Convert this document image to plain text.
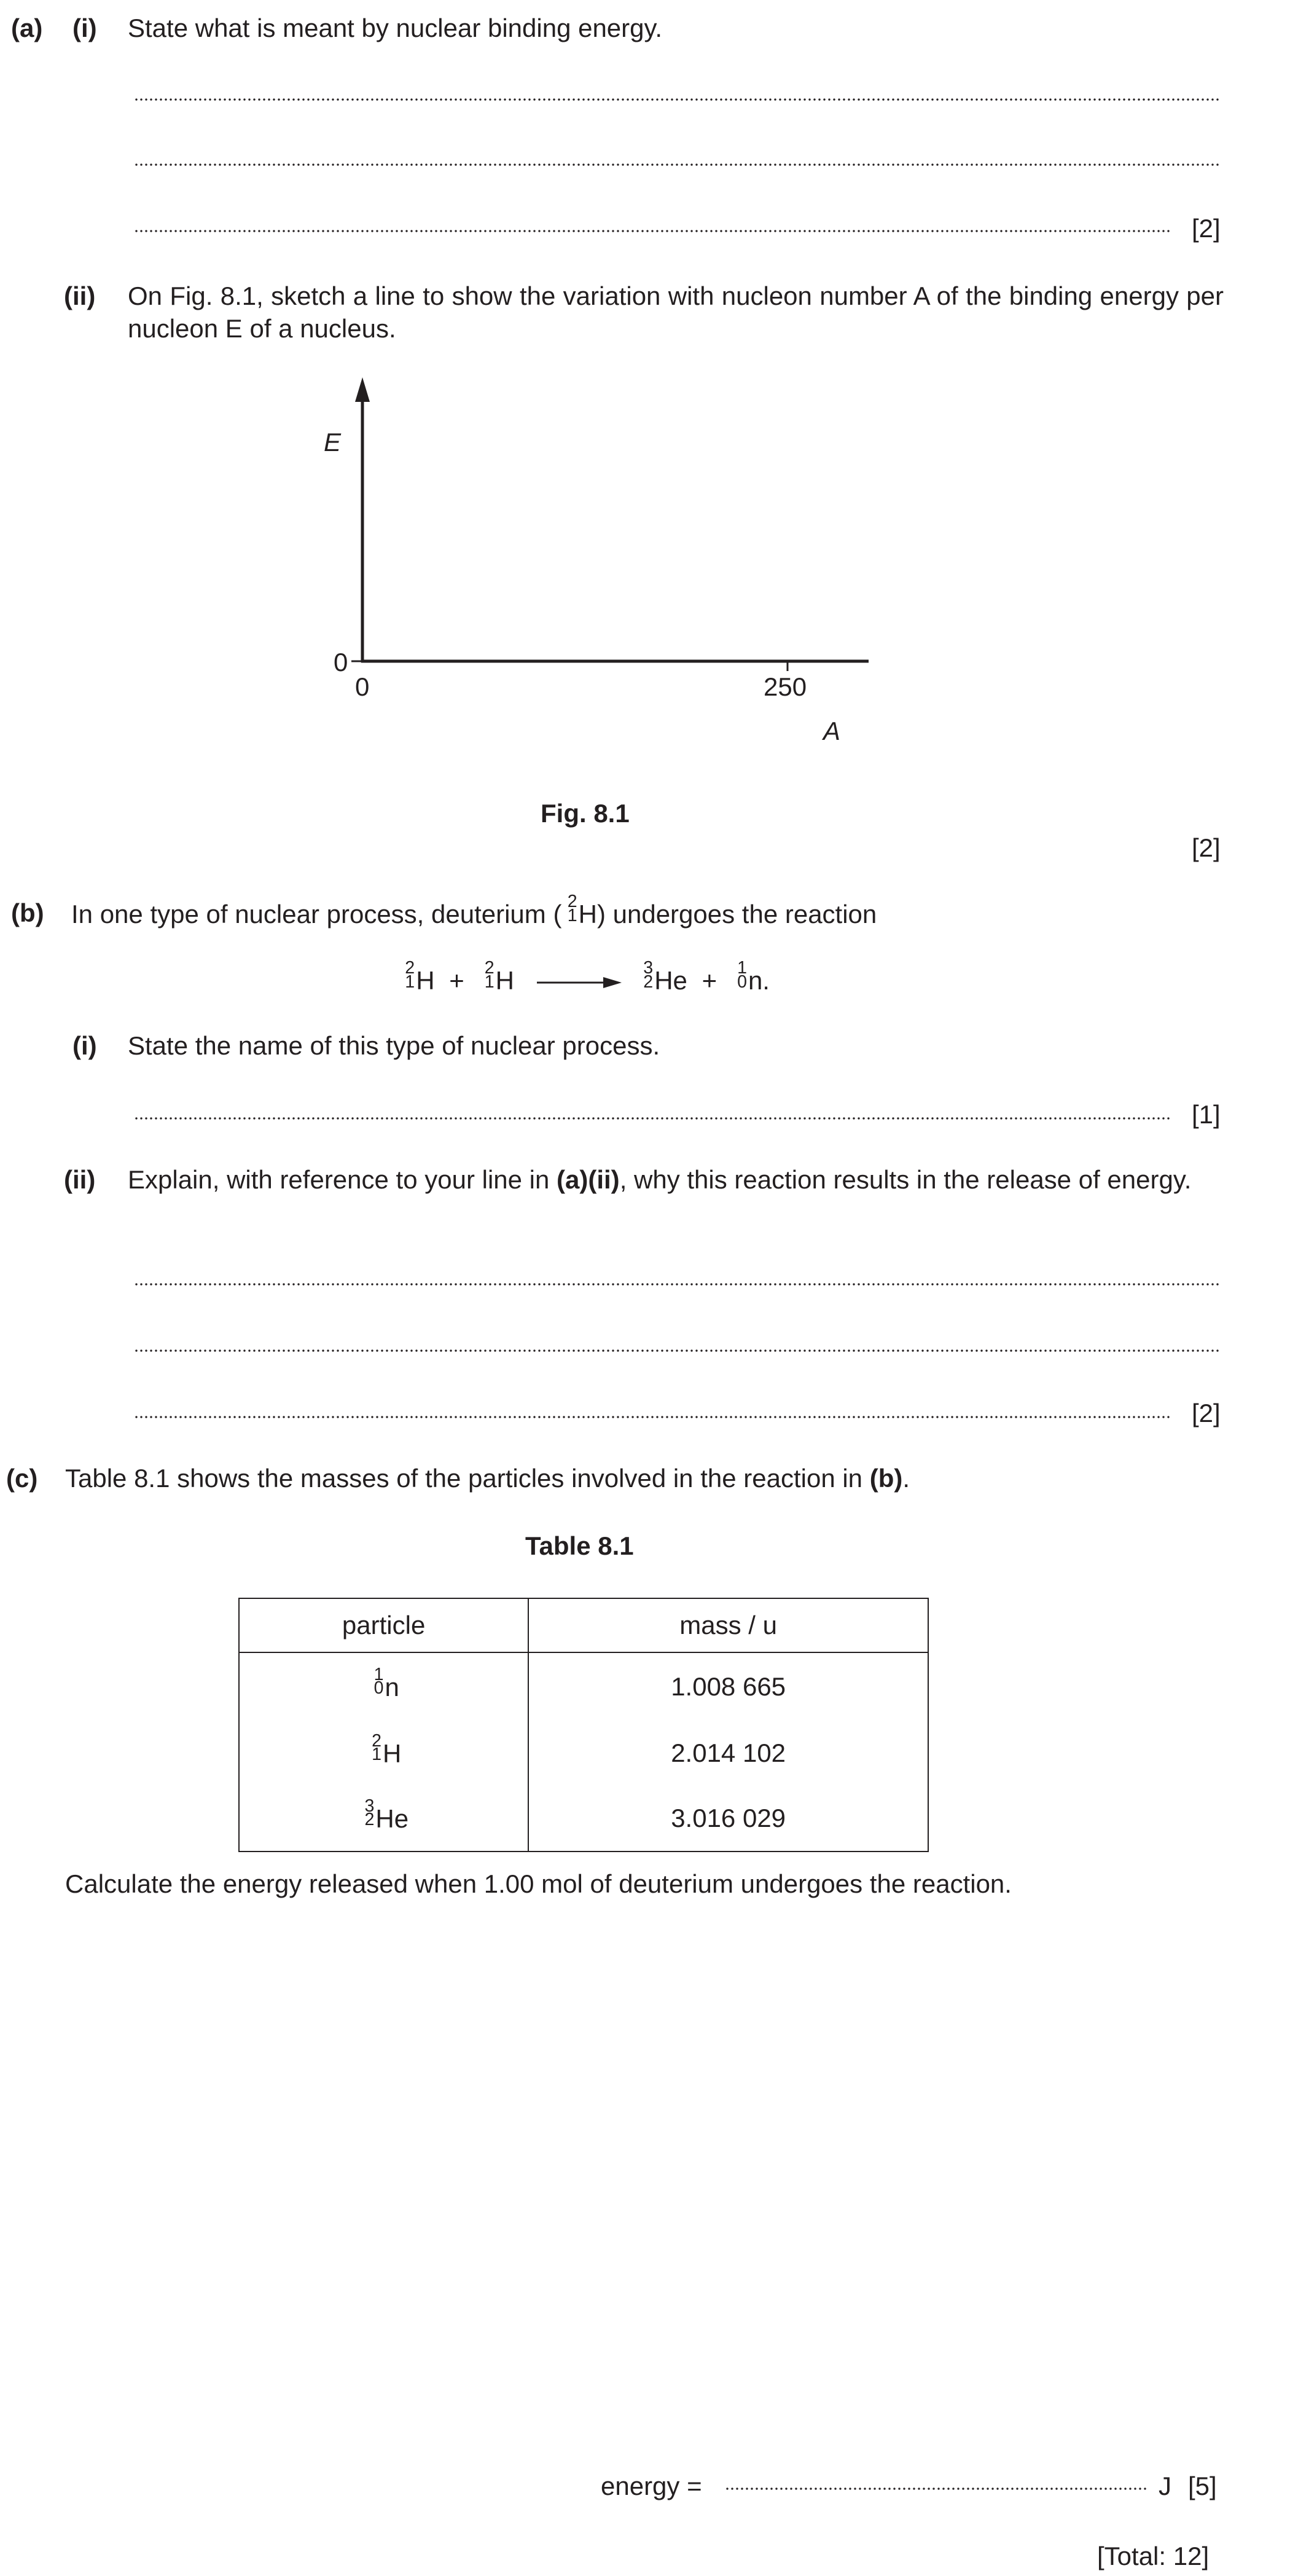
(a) (i) State what is meant by nuclear binding energy.
[2]
(ii) On Fig. 8.1, sketch a line to show the variation with nucleon number A of the binding energy per nucleon E of a nucleus.
E
0
0	250
A
Fig. 8.1
[2]
(b) In one type of nuclear process, deuterium ( 2
1 H) undergoes the reaction
2
1 H + 2
1 H →
3
2 He + 1
0 n.
(i) State the name of this type of nuclear process.
[1]
(ii) Explain, with reference to your line in (a)(ii), why this reaction results in the release of energy.
[2]
(c) Table 8.1 shows the masses of the particles involved in the reaction in (b).
Table 8.1
particle	mass / u

1
0 n	1.008 665

2
1 H	2.014 102

3
2 He	3.016 029
Calculate the energy released when 1.00 mol of deuterium undergoes the reaction.
energy =	J [5]
[Total: 12]
